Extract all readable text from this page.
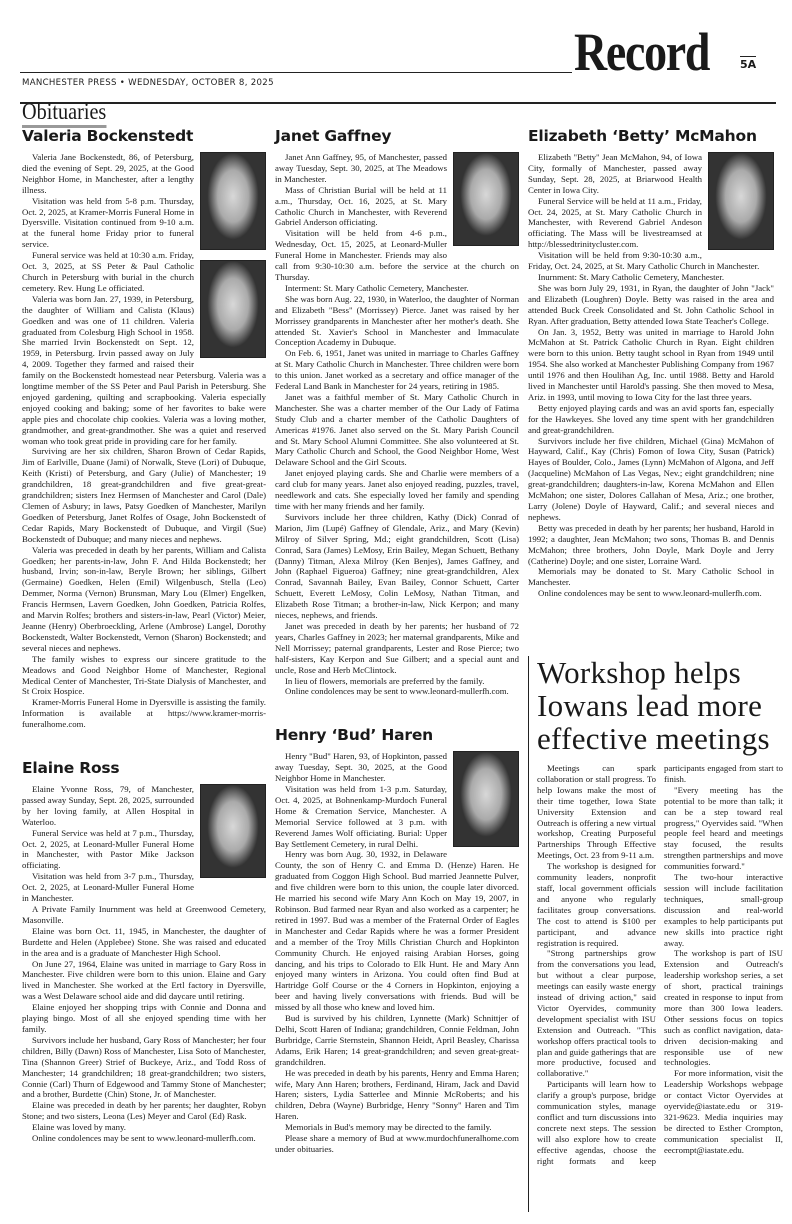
MANCHESTER PRESS • WEDNESDAY, OCTOBER 8, 2025
Record	5A
Obituaries
Valeria Bockenstedt

Valeria Jane Bockenstedt, 86, of Petersburg, died the evening of Sept. 29, 2025, at the Good Neighbor Home, in Manchester, after a lengthy illness.

Visitation was held from 5-8 p.m. Thursday, Oct. 2, 2025, at Kramer-Morris Funeral Home in Dyersville. Visitation continued from 9-10 a.m. at the funeral home Friday prior to funeral service.

Funeral service was held at 10:30 a.m. Friday, Oct. 3, 2025, at SS Peter & Paul Catholic Church in Petersburg with burial in the church cemetery. Rev. Hung Le officiated.

Valeria was born Jan. 27, 1939, in Petersburg, the daughter of William and Calista (Klaus) Goedken and was one of 11 children. Valeria graduated from Colesburg High School in 1958. She married Irvin Bockenstedt on Sept. 12, 1959, in Petersburg. Irvin passed away on July 4, 2009. Together they farmed and raised their family on the Bockenstedt homestead near Petersburg. Valeria was a longtime member of the SS Peter and Paul Parish in Petersburg. She enjoyed gardening, quilting and scrapbooking. Valeria especially enjoyed cooking and baking; some of her favorites to bake were apple pies and chocolate chip cookies. Valeria was a loving mother, grandmother, and great-grandmother. She was a quiet and reserved woman who took great pride in providing care for her family.

Surviving are her six children, Sharon Brown of Cedar Rapids, Jim of Earlville, Duane (Jami) of Norwalk, Steve (Lori) of Dubuque, Keith (Kristi) of Petersburg, and Gary (Julie) of Manchester; 19 grandchildren, 18 great-grandchildren and five great-great-grandchildren; sisters Inez Hermsen of Manchester and Carol (Dale) Clemen of Asbury; in laws, Patsy Goedken of Manchester, Marilyn Goedken of Petersburg, Janet Rolfes of Osage, John Bockenstedt of Cedar Rapids, Mary Bockenstedt of Dubuque, and Virgil (Sue) Bockenstedt of Dubuque; and many nieces and nephews.

Valeria was preceded in death by her parents, William and Calista Goedken; her parents-in-law, John F. And Hilda Bockenstedt; her husband, Irvin; son-in-law, Beryle Brown; her siblings, Gilbert (Germaine) Goedken, Helen (Emil) Wilgenbusch, Stella (Leo) Demmer, Norma (Vernon) Brunsman, Mary Lou (Elmer) Engelken, Francis Hermsen, Lavern Goedken, John Goedken, Patricia Rolfes, and Marvin Rolfes; brothers and sisters-in-law, Pearl (Victor) Meier, Jeanne (Henry) Oberbroeckling, Arlene (Ambrose) Langel, Dorothy Bockenstedt, Walter Bockenstedt, Vernon (Sharon) Bockenstedt; and several nieces and nephews.

The family wishes to express our sincere gratitude to the Meadows and Good Neighbor Home of Manchester, Regional Medical Center of Manchester, Tri-State Dialysis of Manchester, and St Croix Hospice.

Kramer-Morris Funeral Home in Dyersville is assisting the family. Information is available at https://www.kramer-morris-funeralhome.com.

Elaine Ross

Elaine Yvonne Ross, 79, of Manchester, passed away Sunday, Sept. 28, 2025, surrounded by her loving family, at Allen Hospital in Waterloo.

Funeral Service was held at 7 p.m., Thursday, Oct. 2, 2025, at Leonard-Muller Funeral Home in Manchester, with Pastor Mike Jackson officiating.

Visitation was held from 3-7 p.m., Thursday, Oct. 2, 2025, at Leonard-Muller Funeral Home in Manchester.

A Private Family Inurnment was held at Greenwood Cemetery, Masonville.

Elaine was born Oct. 11, 1945, in Manchester, the daughter of Burdette and Helen (Applebee) Stone. She was raised and educated in the area and is a graduate of Manchester High School.

On June 27, 1964, Elaine was united in marriage to Gary Ross in Manchester. Five children were born to this union. Elaine and Gary lived in Manchester. She worked at the Ertl factory in Dyersville, was a West Delaware school aide and did daycare until retiring.

Elaine enjoyed her shopping trips with Connie and Donna and playing bingo. Most of all she enjoyed spending time with her family.

Survivors include her husband, Gary Ross of Manchester; her four children, Billy (Dawn) Ross of Manchester, Lisa Soto of Manchester, Tina (Shannon Greer) Strief of Buckeye, Ariz., and Todd Ross of Manchester; 14 grandchildren; 18 great-grandchildren; two sisters, Connie (Carl) Thurn of Edgewood and Tammy Stone of Manchester; and a brother, Burdette (Chin) Stone, Jr. of Manchester.

Elaine was preceded in death by her parents; her daughter, Robyn Stone; and two sisters, Leona (Les) Meyer and Carol (Ed) Rask.

Elaine was loved by many.

Online condolences may be sent to www.leonard-mullerfh.com.

Janet Gaffney

Janet Ann Gaffney, 95, of Manchester, passed away Tuesday, Sept. 30, 2025, at The Meadows in Manchester.

Mass of Christian Burial will be held at 11 a.m., Thursday, Oct. 16, 2025, at St. Mary Catholic Church in Manchester, with Reverend Gabriel Anderson officiating.

Visitation will be held from 4-6 p.m., Wednesday, Oct. 15, 2025, at Leonard-Muller Funeral Home in Manchester. Friends may also call from 9:30-10:30 a.m. before the service at the church on Thursday.

Interment: St. Mary Catholic Cemetery, Manchester.

She was born Aug. 22, 1930, in Waterloo, the daughter of Norman and Elizabeth "Bess" (Morrissey) Pierce. Janet was raised by her Morrissey grandparents in Manchester after her mother's death. She attended St. Xavier's School in Manchester and Immaculate Conception Academy in Dubuque.

On Feb. 6, 1951, Janet was united in marriage to Charles Gaffney at St. Mary Catholic Church in Manchester. Three children were born to this union. Janet worked as a secretary and office manager of the Federal Land Bank in Manchester for 24 years, retiring in 1985.

Janet was a faithful member of St. Mary Catholic Church in Manchester. She was a charter member of the Our Lady of Fatima Study Club and a charter member of the Catholic Daughters of Americas #1976. Janet also served on the St. Mary Parish Council and St. Mary School Alumni Committee. She also volunteered at St. Mary Catholic Church and School, the Good Neighbor Home, West Delaware School and the Girl Scouts.

Janet enjoyed playing cards. She and Charlie were members of a card club for many years. Janet also enjoyed reading, puzzles, travel, needlework and cats. She especially loved her family and spending time with her many friends and her family.

Survivors include her three children, Kathy (Dick) Conrad of Marion, Jim (Lupé) Gaffney of Glendale, Ariz., and Mary (Kevin) Milroy of Silver Spring, Md.; eight grandchildren, Scott (Lisa) Conrad, Sara (James) LeMosy, Erin Bailey, Megan Schuett, Bethany (Danny) Titman, Alexa Milroy (Ken Benjes), James Gaffney, and John (Raphael Figueroa) Gaffney; nine great-grandchildren, Alex Conrad, Savannah Bailey, Evan Bailey, Connor Schuett, Carter Schuett, Everett LeMosy, Colin LeMosy, Nathan Titman, and Elizabeth Rose Titman; a brother-in-law, Nick Kerpon; and many nieces, nephews, and friends.

Janet was preceded in death by her parents; her husband of 72 years, Charles Gaffney in 2023; her maternal grandparents, Mike and Nell Morrissey; paternal grandparents, Lester and Rose Pierce; two half-sisters, Kay Kerpon and Sue Gilbert; and a special aunt and uncle, Rose and Herb McClintock.

In lieu of flowers, memorials are preferred by the family.

Online condolences may be sent to www.leonard-mullerfh.com.

Henry ‘Bud’ Haren

Henry "Bud" Haren, 93, of Hopkinton, passed away Tuesday, Sept. 30, 2025, at the Good Neighbor Home in Manchester.

Visitation was held from 1-3 p.m. Saturday, Oct. 4, 2025, at Bohnenkamp-Murdoch Funeral Home & Cremation Service, Manchester. A Memorial Service followed at 3 p.m. with Reverend James Wolf officiating. Burial: Upper Bay Settlement Cemetery, in rural Delhi.

Henry was born Aug. 30, 1932, in Delaware County, the son of Henry C. and Emma D. (Henze) Haren. He graduated from Coggon High School. Bud married Jeannette Pulver, and five children were born to this union, the couple later divorced. He married his second wife Mary Ann Koch on May 19, 2007, in Robinson. Bud farmed near Ryan and also worked as a carpenter; he retired in 1997. Bud was a member of the Fraternal Order of Eagles in Manchester and Cedar Rapids where he was a former President and a member of the Troy Mills Christian Church and Hopkinton Community Church. He enjoyed raising Arabian Horses, going dancing, and his trips to Colorado to Elk Hunt. He and Mary Ann enjoyed many winters in Arizona. You could often find Bud at Hartridge Golf Course or the 4 Corners in Hopkinton, enjoying a beer and having lively conversations with friends. Bud will be missed by all those who knew and loved him.

Bud is survived by his children, Lynnette (Mark) Schnittjer of Delhi, Scott Haren of Indiana; grandchildren, Connie Feldman, John Burbridge, Carrie Sternstein, Shannon Heidt, April Beasley, Charissa Adams, Erik Haren; 14 great-grandchildren; and seven great-great-grandchildren.

He was preceded in death by his parents, Henry and Emma Haren; wife, Mary Ann Haren; brothers, Ferdinand, Hiram, Jack and David Haren; sisters, Lydia Satterlee and Minnie McRoberts; and his children, Debra (Wayne) Burbridge, Henry "Sonny" Haren and Tim Haren.

Memorials in Bud's memory may be directed to the family.

Please share a memory of Bud at www.murdochfuneralhome.com under obituaries.

Elizabeth ‘Betty’ McMahon

Elizabeth "Betty" Jean McMahon, 94, of Iowa City, formally of Manchester, passed away Sunday, Sept. 28, 2025, at Briarwood Health Center in Iowa City.

Funeral Service will be held at 11 a.m., Friday, Oct. 24, 2025, at St. Mary Catholic Church in Manchester, with Reverend Gabriel Andeson officiating. The Mass will be livestreamsed at http://blessedtrinitycluster.com.

Visitation will be held from 9:30-10:30 a.m., Friday, Oct. 24, 2025, at St. Mary Catholic Church in Manchester.

Inurnment: St. Mary Catholic Cemetery, Manchester.

She was born July 29, 1931, in Ryan, the daughter of John "Jack" and Elizabeth (Loughren) Doyle. Betty was raised in the area and attended Buck Creek Consolidated and St. John Catholic School in Ryan. After graduation, Betty attended Iowa State Teacher's College.

On Jan. 3, 1952, Betty was united in marriage to Harold John McMahon at St. Patrick Catholic Church in Ryan. Eight children were born to this union. Betty taught school in Ryan from 1949 until 1954. She also worked at Manchester Publishing Company from 1967 until 1976 and then Houlihan Ag, Inc. until 1988. Betty and Harold lived in Manchester until Harold's passing. She then moved to Mesa, Ariz. in 1993, until moving to Iowa City for the last three years.

Betty enjoyed playing cards and was an avid sports fan, especially for the Hawkeyes. She loved any time spent with her grandchildren and great-grandchildren.

Survivors include her five children, Michael (Gina) McMahon of Hayward, Calif., Kay (Chris) Fomon of Iowa City, Susan (Patrick) Hayes of Boulder, Colo., James (Lynn) McMahon of Algona, and Jeff (Jacqueline) McMahon of Las Vegas, Nev.; eight grandchildren; nine great-grandchildren; daughters-in-law, Korena McMahon and Ellen McMahon; one sister, Dolores Callahan of Mesa, Ariz.; one brother, Larry (Jolene) Doyle of Hayward, Calif.; and several nieces and nephews.

Betty was preceded in death by her parents; her husband, Harold in 1992; a daughter, Jean McMahon; two sons, Thomas B. and Dennis McMahon; three brothers, John Doyle, Mark Doyle and Jerry (Catherine) Doyle; and one sister, Lorraine Ward.

Memorials may be donated to St. Mary Catholic School in Manchester.

Online condolences may be sent to www.leonard-mullerfh.com.

Workshop helps Iowans lead more effective meetings

Meetings can spark collaboration or stall progress. To help Iowans make the most of their time together, Iowa State University Extension and Outreach is offering a new virtual workshop, Creating Purposeful Partnerships Through Effective Meetings, Oct. 23 from 9-11 a.m.

The workshop is designed for community leaders, nonprofit staff, local government officials and anyone who regularly facilitates group conversations. The cost to attend is $100 per participant, and advance registration is required.

"Strong partnerships grow from the conversations you lead, but without a clear purpose, meetings can easily waste energy instead of driving action," said Victor Oyervides, community development specialist with ISU Extension and Outreach. "This workshop offers practical tools to plan and guide gatherings that are more productive, focused and collaborative."

Participants will learn how to clarify a group's purpose, bridge communication styles, manage conflict and turn discussions into concrete next steps. The session will also explore how to create effective agendas, choose the right formats and keep participants engaged from start to finish.

"Every meeting has the potential to be more than talk; it can be a step toward real progress," Oyervides said. "When people feel heard and meetings stay focused, the results strengthen partnerships and move communities forward."

The two-hour interactive session will include facilitation techniques, small-group discussion and real-world examples to help participants put new skills into practice right away.

The workshop is part of ISU Extension and Outreach's leadership workshop series, a set of short, practical trainings created in response to input from more than 300 Iowa leaders. Other sessions focus on topics such as conflict navigation, data-driven decision-making and responsible use of new technologies.

For more information, visit the Leadership Workshops webpage or contact Victor Oyervides at oyervide@iastate.edu or 319-321-9623. Media inquiries may be directed to Esther Crompton, communication specialist II, eecrompt@iastate.edu.
